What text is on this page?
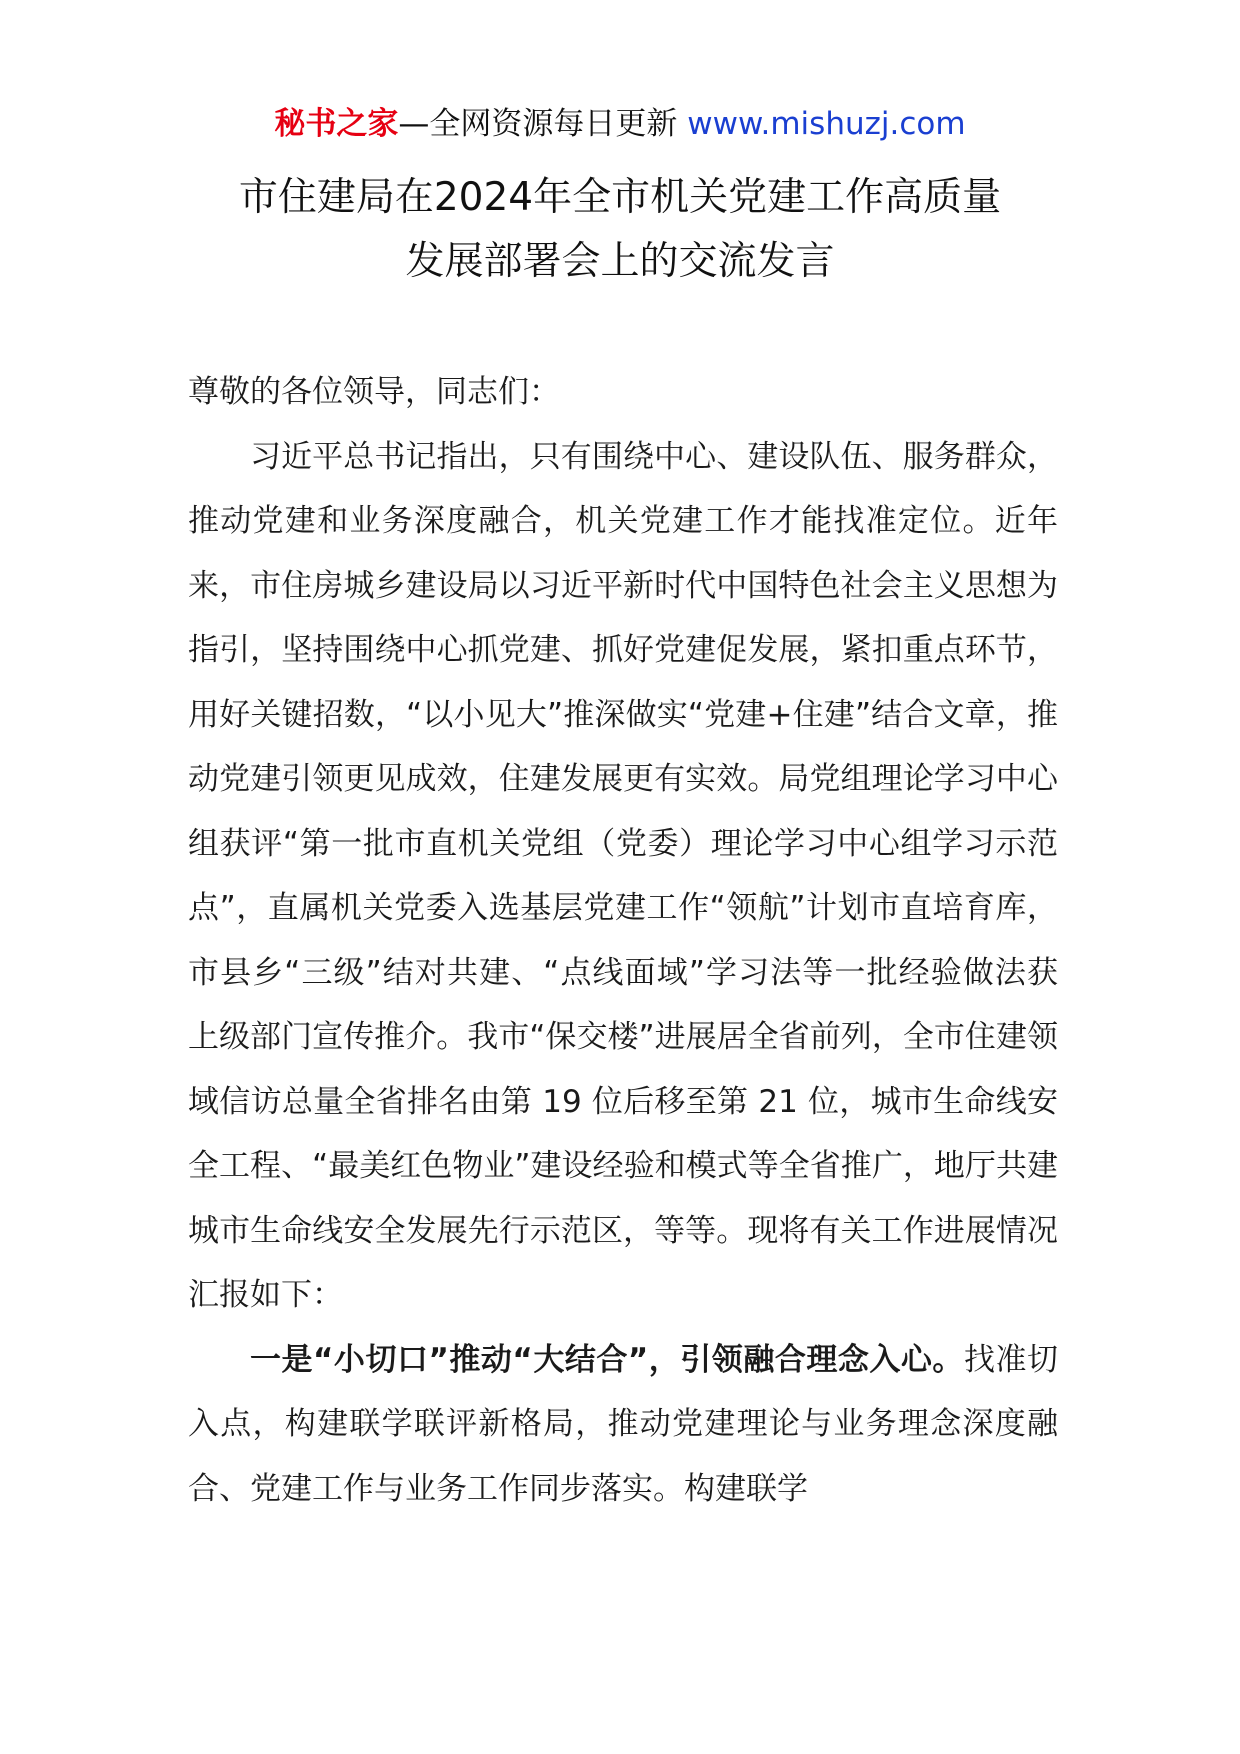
秘书之家—全网资源每日更新 www.mishuzj.com
市住建局在2024年全市机关党建工作高质量
发展部署会上的交流发言

尊敬的各位领导，同志们：

习近平总书记指出，只有围绕中心、建设队伍、服务群众，推动党建和业务深度融合，机关党建工作才能找准定位。近年来，市住房城乡建设局以习近平新时代中国特色社会主义思想为指引，坚持围绕中心抓党建、抓好党建促发展，紧扣重点环节，用好关键招数，“以小见大”推深做实“党建+住建”结合文章，推动党建引领更见成效，住建发展更有实效。局党组理论学习中心组获评“第一批市直机关党组（党委）理论学习中心组学习示范点”，直属机关党委入选基层党建工作“领航”计划市直培育库，市县乡“三级”结对共建、“点线面域”学习法等一批经验做法获上级部门宣传推介。我市“保交楼”进展居全省前列，全市住建领域信访总量全省排名由第 19 位后移至第 21 位，城市生命线安全工程、“最美红色物业”建设经验和模式等全省推广，地厅共建城市生命线安全发展先行示范区，等等。现将有关工作进展情况汇报如下：

一是“小切口”推动“大结合”，引领融合理念入心。找准切入点，构建联学联评新格局，推动党建理论与业务理念深度融合、党建工作与业务工作同步落实。构建联学
